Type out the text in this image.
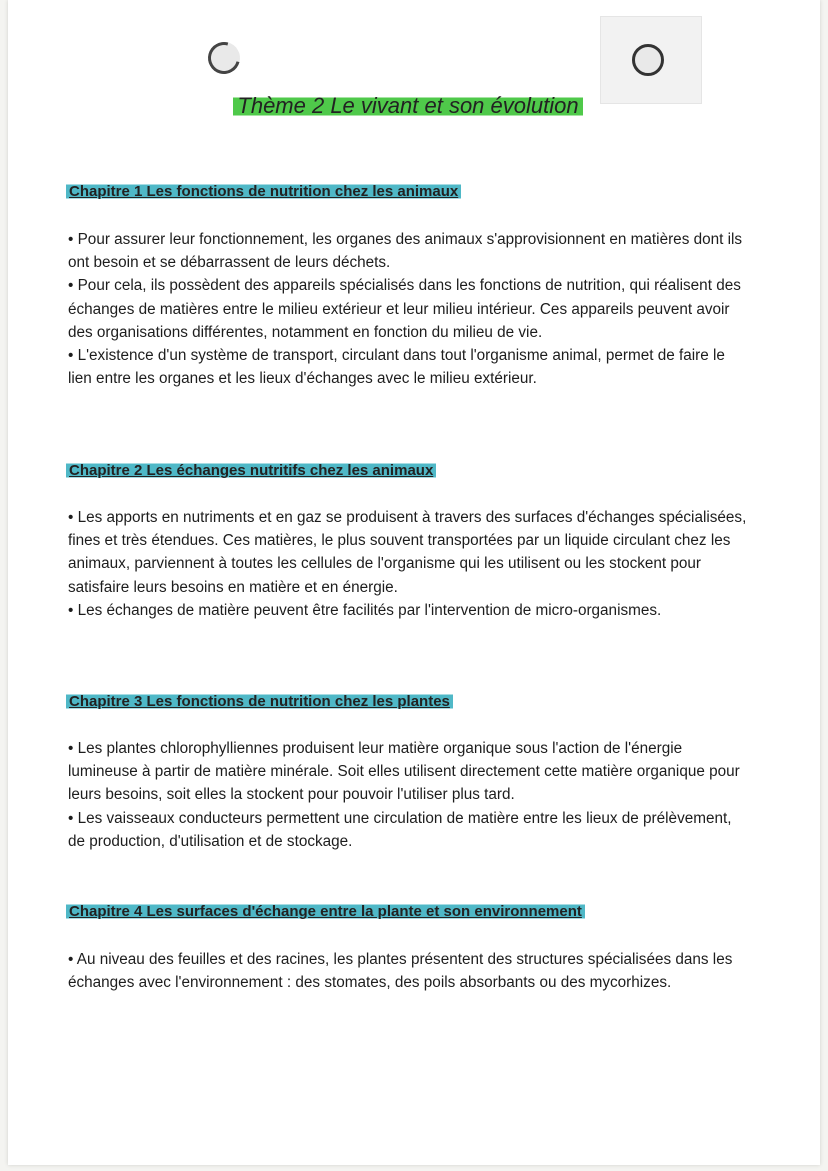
Thème 2 Le vivant et son évolution
Chapitre 1 Les fonctions de nutrition chez les animaux

• Pour assurer leur fonctionnement, les organes des animaux s'approvisionnent en matières dont ils ont besoin et se débarrassent de leurs déchets.

• Pour cela, ils possèdent des appareils spécialisés dans les fonctions de nutrition, qui réalisent des échanges de matières entre le milieu extérieur et leur milieu intérieur. Ces appareils peuvent avoir des organisations différentes, notamment en fonction du milieu de vie.

• L'existence d'un système de transport, circulant dans tout l'organisme animal, permet de faire le lien entre les organes et les lieux d'échanges avec le milieu extérieur.

Chapitre 2 Les échanges nutritifs chez les animaux

• Les apports en nutriments et en gaz se produisent à travers des surfaces d'échanges spécialisées, fines et très étendues. Ces matières, le plus souvent transportées par un liquide circulant chez les animaux, parviennent à toutes les cellules de l'organisme qui les utilisent ou les stockent pour satisfaire leurs besoins en matière et en énergie.

• Les échanges de matière peuvent être facilités par l'intervention de micro-organismes.

Chapitre 3 Les fonctions de nutrition chez les plantes

• Les plantes chlorophylliennes produisent leur matière organique sous l'action de l'énergie lumineuse à partir de matière minérale. Soit elles utilisent directement cette matière organique pour leurs besoins, soit elles la stockent pour pouvoir l'utiliser plus tard.

• Les vaisseaux conducteurs permettent une circulation de matière entre les lieux de prélèvement, de production, d'utilisation et de stockage.

Chapitre 4 Les surfaces d'échange entre la plante et son environnement

• Au niveau des feuilles et des racines, les plantes présentent des structures spécialisées dans les échanges avec l'environnement : des stomates, des poils absorbants ou des mycorhizes.
